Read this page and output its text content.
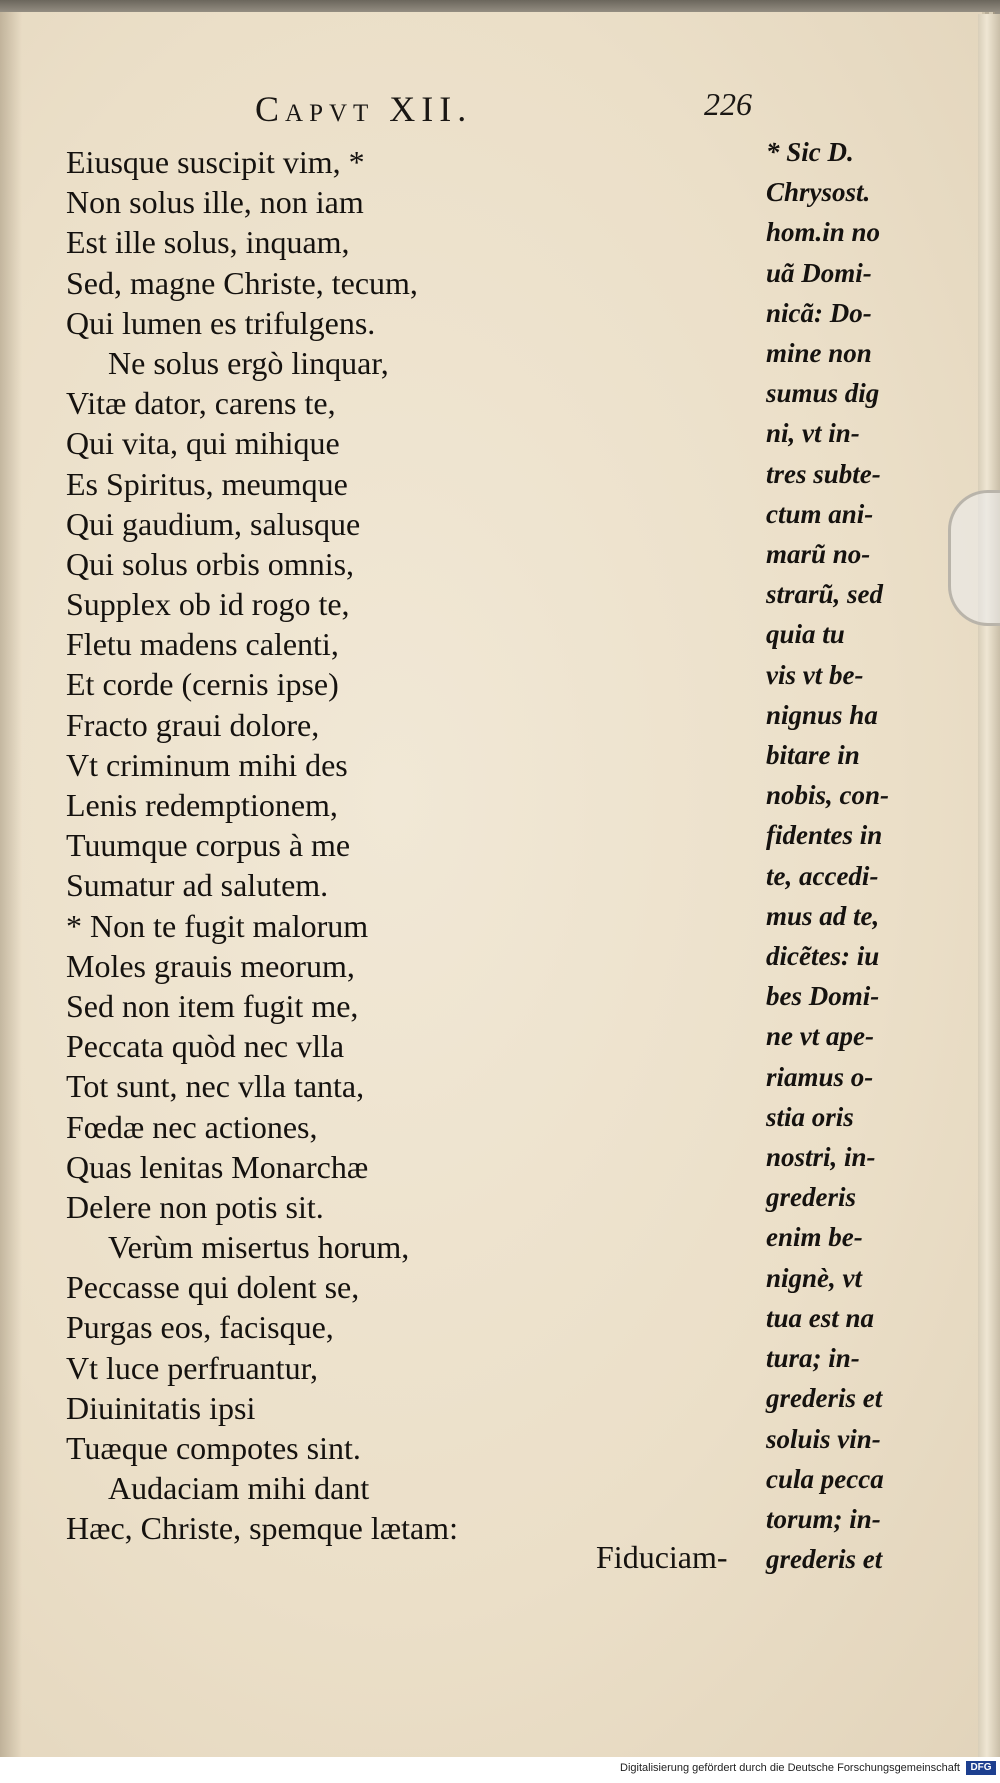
Capvt XII.	226
Eiusque suscipit vim, *
Non solus ille, non iam
Est ille solus, inquam,
Sed, magne Christe, tecum,
Qui lumen es trifulgens.
Ne solus ergò linquar,
Vitæ dator, carens te,
Qui vita, qui mihique
Es Spiritus, meumque
Qui gaudium, salusque
Qui solus orbis omnis,
Supplex ob id rogo te,
Fletu madens calenti,
Et corde (cernis ipse)
Fracto graui dolore,
Vt criminum mihi des
Lenis redemptionem,
Tuumque corpus à me
Sumatur ad salutem.
* Non te fugit malorum
Moles grauis meorum,
Sed non item fugit me,
Peccata quòd nec vlla
Tot sunt, nec vlla tanta,
Fœdæ nec actiones,
Quas lenitas Monarchæ
Delere non potis sit.
Verùm misertus horum,
Peccasse qui dolent se,
Purgas eos, facisque,
Vt luce perfruantur,
Diuinitatis ipsi
Tuæque compotes sint.
Audaciam mihi dant
Hæc, Christe, spemque lætam:
* Sic D.
Chrysost.
hom.in no
uã Domi-
nicã: Do-
mine non
sumus dig
ni, vt in-
tres subte-
ctum ani-
marũ no-
strarũ, sed
quia tu
vis vt be-
nignus ha
bitare in
nobis, con-
fidentes in
te, accedi-
mus ad te,
dicẽtes: iu
bes Domi-
ne vt ape-
riamus o-
stia oris
nostri, in-
grederis
enim be-
nignè, vt
tua est na
tura; in-
grederis et
soluis vin-
cula pecca
torum; in-
grederis et
Fiduciam-
Digitalisierung gefördert durch die Deutsche Forschungsgemeinschaft	DFG
